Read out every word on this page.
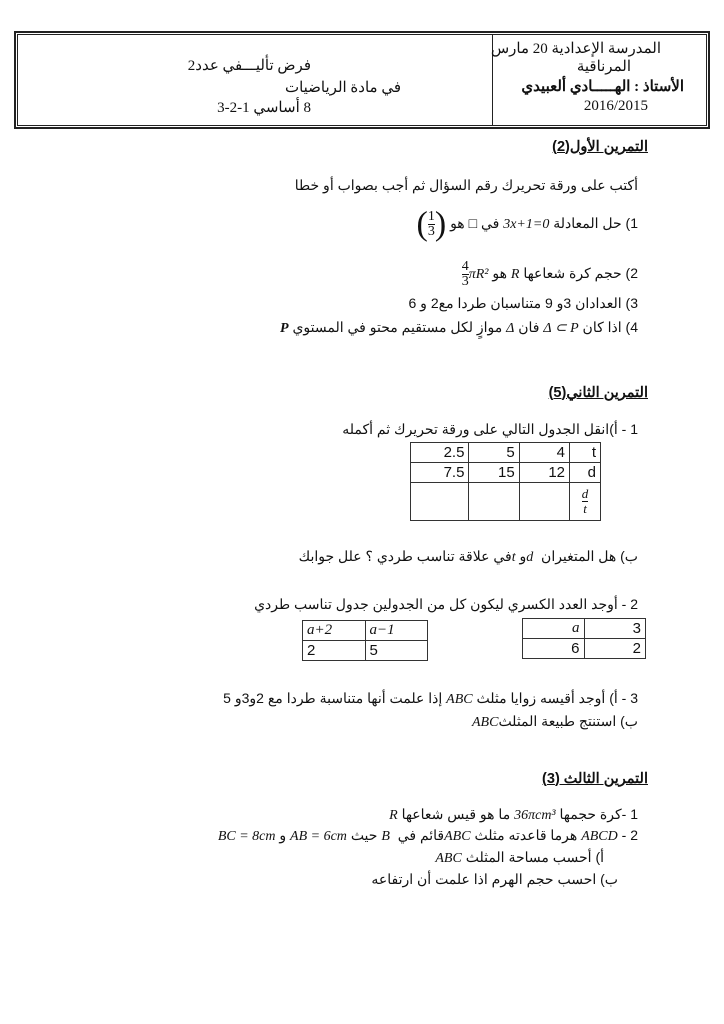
المدرسة الإعدادية 20 مارس
المرناقية
الأستاذ : الهـــــادي ألعبيدي
2016/2015
فرض تأليـــفي عدد2
في مادة الرياضيات
8 أساسي 1-2-3
التمرين الأول(2)
أكتب على ورقة تحريرك رقم السؤال ثم أجب بصواب أو خطا
1) حل المعادلة 3x+1=0 في □ هو ( $\frac{1}{3}$ )
2) حجم كرة شعاعها R هو
$\frac{4}{3} \pi R^2$
3) العدادان 3و 9 متناسبان طردا مع2 و 6
4) اذا كان Δ ⊂ P فان Δ موازٍ لكل مستقيم محتو في المستوي P
التمرين الثاني(5)
1 - أ)انقل الجدول التالي على ورقة تحريرك ثم أكمله
2.5	5	4	t
7.5	15	12	d

			$\frac{d}{t}$
ب) هل المتغيران  dو tفي علاقة تناسب طردي ؟ علل جوابك
2 - أوجد العدد الكسري ليكون كل من الجدولين جدول تناسب طردي
a	3
6	2
a+2	a−1
2	5
3 - أ) أوجد أقيسه زوايا مثلث ABC إذا علمت أنها متناسبة طردا مع 2و3و 5
ب) استنتج طبيعة المثلثABC
التمرين الثالث (3)
1 -كرة حجمها 36πcm³ ما هو قيس شعاعها R
2 - ABCD هرما قاعدته مثلث ABCقائم في  B حيث AB = 6cm و BC = 8cm
أ) أحسب مساحة المثلث ABC
ب) احسب حجم الهرم اذا علمت أن ارتفاعه
